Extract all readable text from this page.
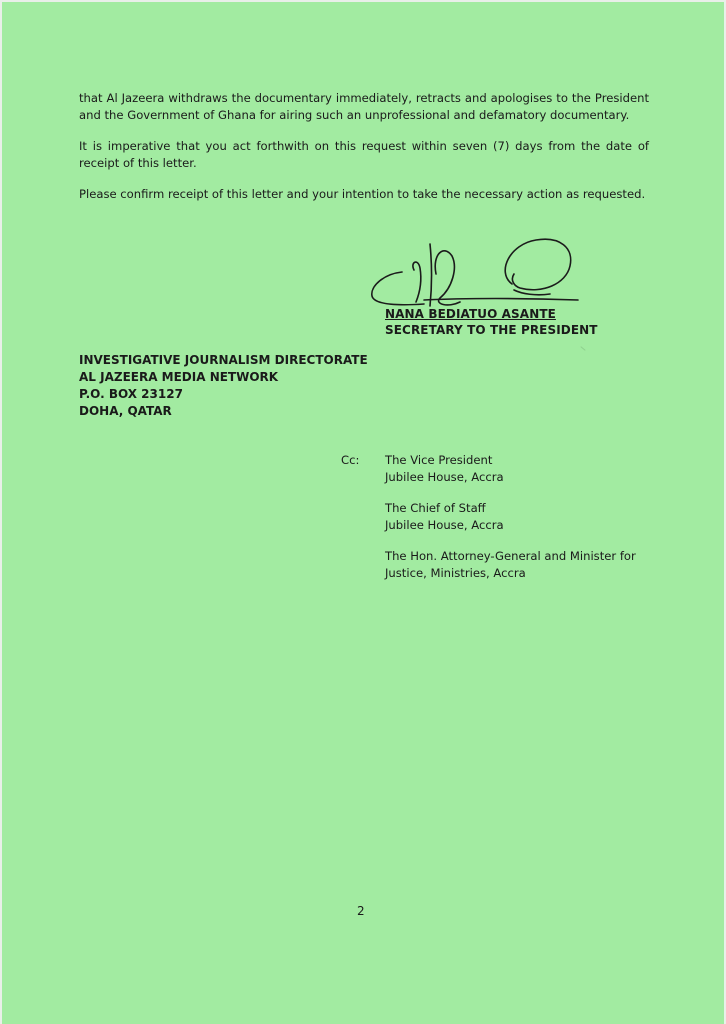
that Al Jazeera withdraws the documentary immediately, retracts and apologises to the President and the Government of Ghana for airing such an unprofessional and defamatory documentary.

It is imperative that you act forthwith on this request within seven (7) days from the date of receipt of this letter.

Please confirm receipt of this letter and your intention to take the necessary action as requested.

NANA BEDIATUO ASANTE
SECRETARY TO THE PRESIDENT
INVESTIGATIVE JOURNALISM DIRECTORATE
AL JAZEERA MEDIA NETWORK
P.O. BOX 23127
DOHA, QATAR
Cc: The Vice President
Jubilee House, Accra
The Chief of Staff
Jubilee House, Accra
The Hon. Attorney-General and Minister for
Justice, Ministries, Accra
2
